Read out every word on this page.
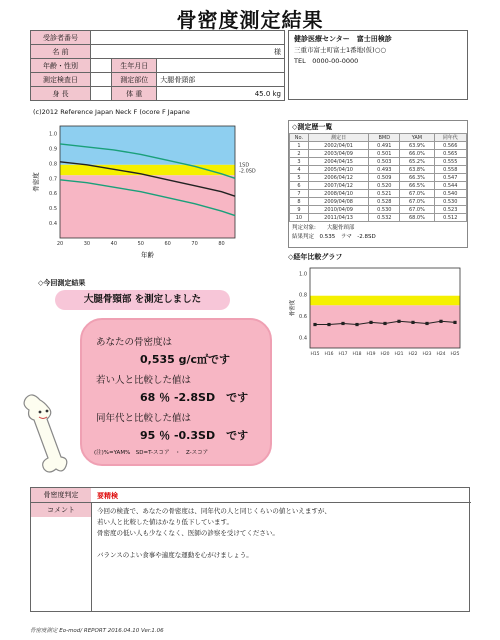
骨密度測定結果
受診者番号			
名 前	様		
年齢・性別		生年月日	
測定検査日		測定部位	大腿骨頸部
身 長		体 重	45.0 kg
健診医療センター　富士田検診
三重市富士町富士1番地(仮)○○
TEL　0000-00-0000
(c)2012 Reference Japan Neck F (ocore F Japane
1.0
0.9
0.8
0.7
0.6
0.5
0.4
20	30	40	50	60	70	80
年齢
骨密度
1SD
-2.0SD
◇測定歴一覧
No.	測定日	BMD	YAM	同年代
1	2002/04/01	0.491	63.9%	0.566
2	2003/04/09	0.501	66.0%	0.565
3	2004/04/15	0.503	65.2%	0.555
4	2005/04/10	0.493	63.8%	0.558
5	2006/04/12	0.509	66.3%	0.547
6	2007/04/12	0.520	66.5%	0.544
7	2008/04/10	0.521	67.0%	0.540
8	2009/04/08	0.528	67.0%	0.530
9	2010/04/09	0.530	67.0%	0.523
10	2011/04/13	0.532	68.0%	0.512
判定対象:　　大腿骨頸部
結果判定　0.535　ラマ　-2.8SD
◇経年比較グラフ
1.0
0.8
0.6
0.4
骨密度
H15 H16 H17 H18 H19 H20 H21 H22 H23 H24 H25
◇今回測定結果
大腿骨頸部 を測定しました
あなたの骨密度は
0,535 g/c㎡です
若い人と比較した値は
68 ％ -2.8SD　です
同年代と比較した値は
95 ％ -0.3SD　です
(注)%=YAM%　SD=T-スコア　・　Z-スコア
骨密度判定	要精検
コメント	今回の検査で、あなたの骨密度は、同年代の人と同じくらいの値といえますが、
若い人と比較した値はかなり低下しています。
骨密度の低い人も少なくなく、医師の診察を受けてください。
バランスのよい食事や適度な運動を心がけましょう。
骨密度測定 Eo-mod/ REPORT 2016.04.10 Ver.1.06
